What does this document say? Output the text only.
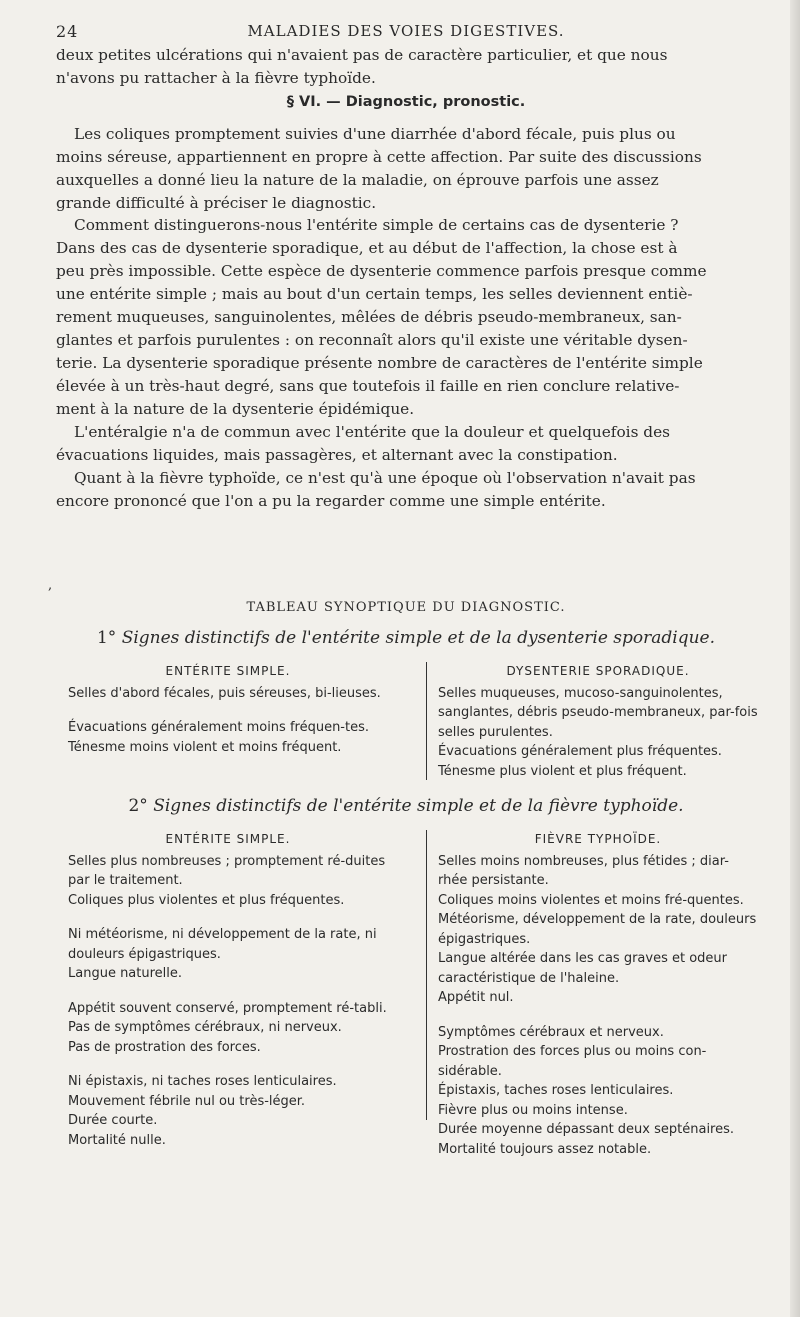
24	MALADIES DES VOIES DIGESTIVES.
deux petites ulcérations qui n'avaient pas de caractère particulier, et que nous
n'avons pu rattacher à la fièvre typhoïde.
§ VI. — Diagnostic, pronostic.
Les coliques promptement suivies d'une diarrhée d'abord fécale, puis plus ou
moins séreuse, appartiennent en propre à cette affection. Par suite des discussions
auxquelles a donné lieu la nature de la maladie, on éprouve parfois une assez
grande difficulté à préciser le diagnostic.
Comment distinguerons-nous l'entérite simple de certains cas de dysenterie ?
Dans des cas de dysenterie sporadique, et au début de l'affection, la chose est à
peu près impossible. Cette espèce de dysenterie commence parfois presque comme
une entérite simple ; mais au bout d'un certain temps, les selles deviennent entiè-
rement muqueuses, sanguinolentes, mêlées de débris pseudo-membraneux, san-
glantes et parfois purulentes : on reconnaît alors qu'il existe une véritable dysen-
terie. La dysenterie sporadique présente nombre de caractères de l'entérite simple
élevée à un très-haut degré, sans que toutefois il faille en rien conclure relative-
ment à la nature de la dysenterie épidémique.
L'entéralgie n'a de commun avec l'entérite que la douleur et quelquefois des
évacuations liquides, mais passagères, et alternant avec la constipation.
Quant à la fièvre typhoïde, ce n'est qu'à une époque où l'observation n'avait pas
encore prononcé que l'on a pu la regarder comme une simple entérite.
,
TABLEAU SYNOPTIQUE DU DIAGNOSTIC.
1° Signes distinctifs de l'entérite simple et de la dysenterie sporadique.
ENTÉRITE SIMPLE.
Selles d'abord fécales, puis séreuses, bi-lieuses.
Évacuations généralement moins fréquen-tes.
Ténesme moins violent et moins fréquent.
DYSENTERIE SPORADIQUE.
Selles muqueuses, mucoso-sanguinolentes, sanglantes, débris pseudo-membraneux, par-fois selles purulentes.
Évacuations généralement plus fréquentes.
Ténesme plus violent et plus fréquent.
2° Signes distinctifs de l'entérite simple et de la fièvre typhoïde.
ENTÉRITE SIMPLE.
Selles plus nombreuses ; promptement ré-duites par le traitement.
Coliques plus violentes et plus fréquentes.
Ni météorisme, ni développement de la rate, ni douleurs épigastriques.
Langue naturelle.
Appétit souvent conservé, promptement ré-tabli.
Pas de symptômes cérébraux, ni nerveux.
Pas de prostration des forces.
Ni épistaxis, ni taches roses lenticulaires.
Mouvement fébrile nul ou très-léger.
Durée courte.
Mortalité nulle.
FIÈVRE TYPHOÏDE.
Selles moins nombreuses, plus fétides ; diar-rhée persistante.
Coliques moins violentes et moins fré-quentes.
Météorisme, développement de la rate, douleurs épigastriques.
Langue altérée dans les cas graves et odeur caractéristique de l'haleine.
Appétit nul.
Symptômes cérébraux et nerveux.
Prostration des forces plus ou moins con-sidérable.
Épistaxis, taches roses lenticulaires.
Fièvre plus ou moins intense.
Durée moyenne dépassant deux septénaires.
Mortalité toujours assez notable.
